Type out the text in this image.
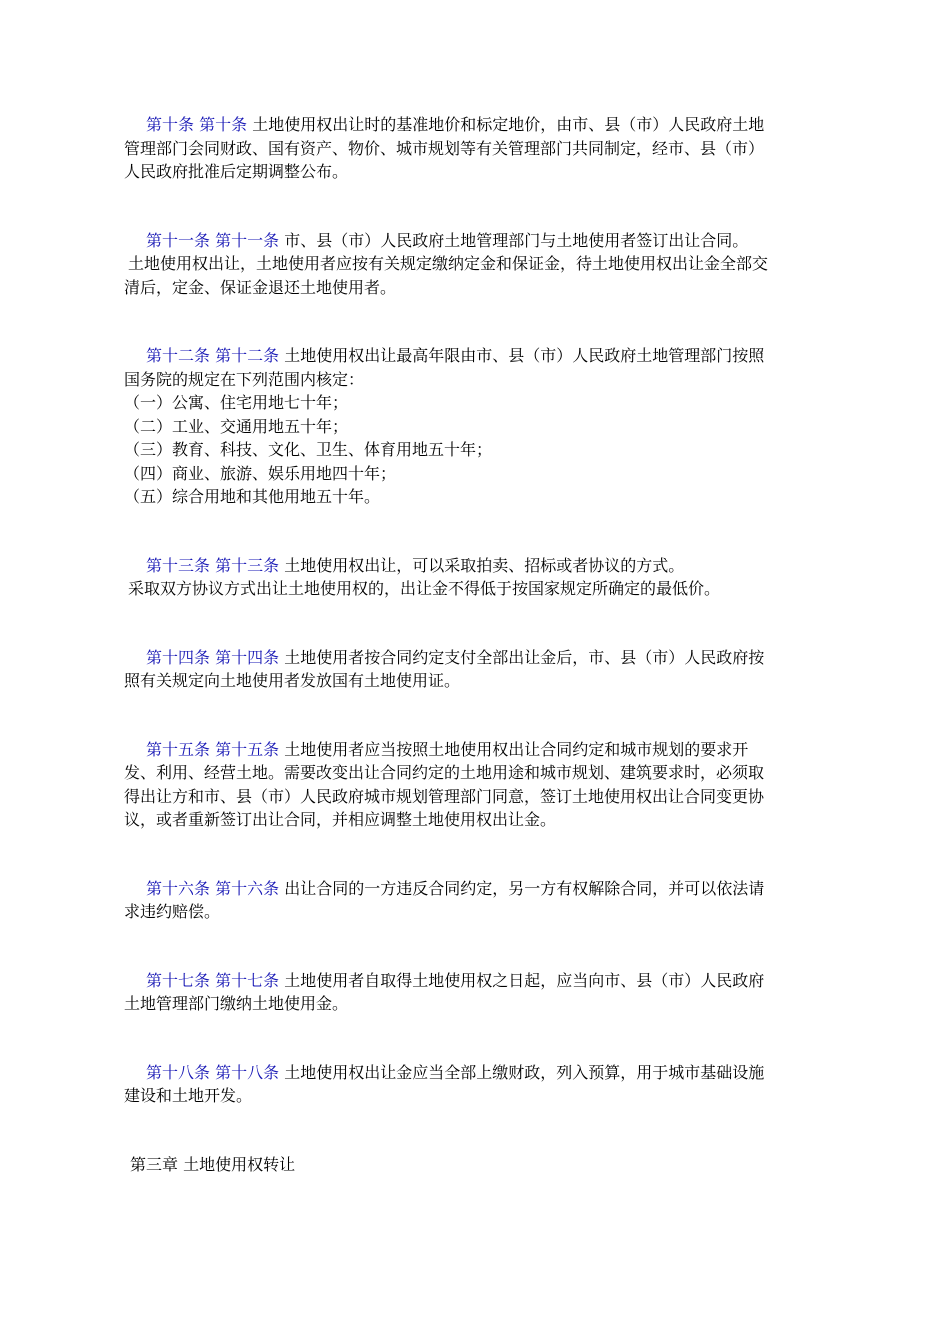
第十条 第十条 土地使用权出让时的基准地价和标定地价，由市、县（市）人民政府土地
管理部门会同财政、国有资产、物价、城市规划等有关管理部门共同制定，经市、县（市）
人民政府批准后定期调整公布。

第十一条 第十一条 市、县（市）人民政府土地管理部门与土地使用者签订出让合同。
土地使用权出让，土地使用者应按有关规定缴纳定金和保证金，待土地使用权出让金全部交
清后，定金、保证金退还土地使用者。

第十二条 第十二条 土地使用权出让最高年限由市、县（市）人民政府土地管理部门按照
国务院的规定在下列范围内核定：
（一）公寓、住宅用地七十年；
（二）工业、交通用地五十年；
（三）教育、科技、文化、卫生、体育用地五十年；
（四）商业、旅游、娱乐用地四十年；
（五）综合用地和其他用地五十年。

第十三条 第十三条 土地使用权出让，可以采取拍卖、招标或者协议的方式。
采取双方协议方式出让土地使用权的，出让金不得低于按国家规定所确定的最低价。

第十四条 第十四条 土地使用者按合同约定支付全部出让金后，市、县（市）人民政府按
照有关规定向土地使用者发放国有土地使用证。

第十五条 第十五条 土地使用者应当按照土地使用权出让合同约定和城市规划的要求开
发、利用、经营土地。需要改变出让合同约定的土地用途和城市规划、建筑要求时，必须取
得出让方和市、县（市）人民政府城市规划管理部门同意，签订土地使用权出让合同变更协
议，或者重新签订出让合同，并相应调整土地使用权出让金。

第十六条 第十六条 出让合同的一方违反合同约定，另一方有权解除合同，并可以依法请
求违约赔偿。

第十七条 第十七条 土地使用者自取得土地使用权之日起，应当向市、县（市）人民政府
土地管理部门缴纳土地使用金。

第十八条 第十八条 土地使用权出让金应当全部上缴财政，列入预算，用于城市基础设施
建设和土地开发。

第三章 土地使用权转让
